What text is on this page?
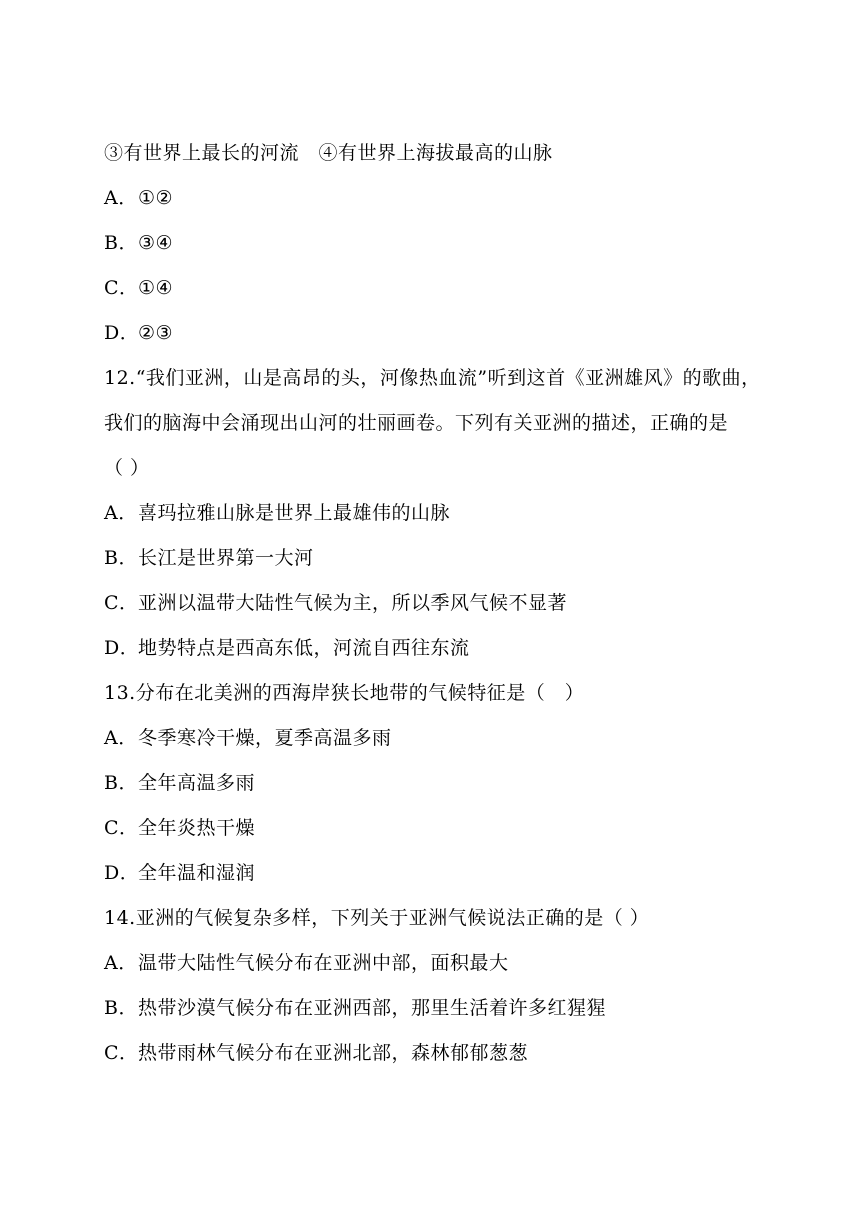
③有世界上最长的河流　④有世界上海拔最高的山脉
A．①②
B．③④
C．①④
D．②③
12.“我们亚洲，山是高昂的头，河像热血流”听到这首《亚洲雄风》的歌曲，
我们的脑海中会涌现出山河的壮丽画卷。下列有关亚洲的描述，正确的是
（ ）
A．喜玛拉雅山脉是世界上最雄伟的山脉
B．长江是世界第一大河
C．亚洲以温带大陆性气候为主，所以季风气候不显著
D．地势特点是西高东低，河流自西往东流
13.分布在北美洲的西海岸狭长地带的气候特征是（　）
A．冬季寒冷干燥，夏季高温多雨
B．全年高温多雨
C．全年炎热干燥
D．全年温和湿润
14.亚洲的气候复杂多样，下列关于亚洲气候说法正确的是（ ）
A．温带大陆性气候分布在亚洲中部，面积最大
B．热带沙漠气候分布在亚洲西部，那里生活着许多红猩猩
C．热带雨林气候分布在亚洲北部，森林郁郁葱葱
